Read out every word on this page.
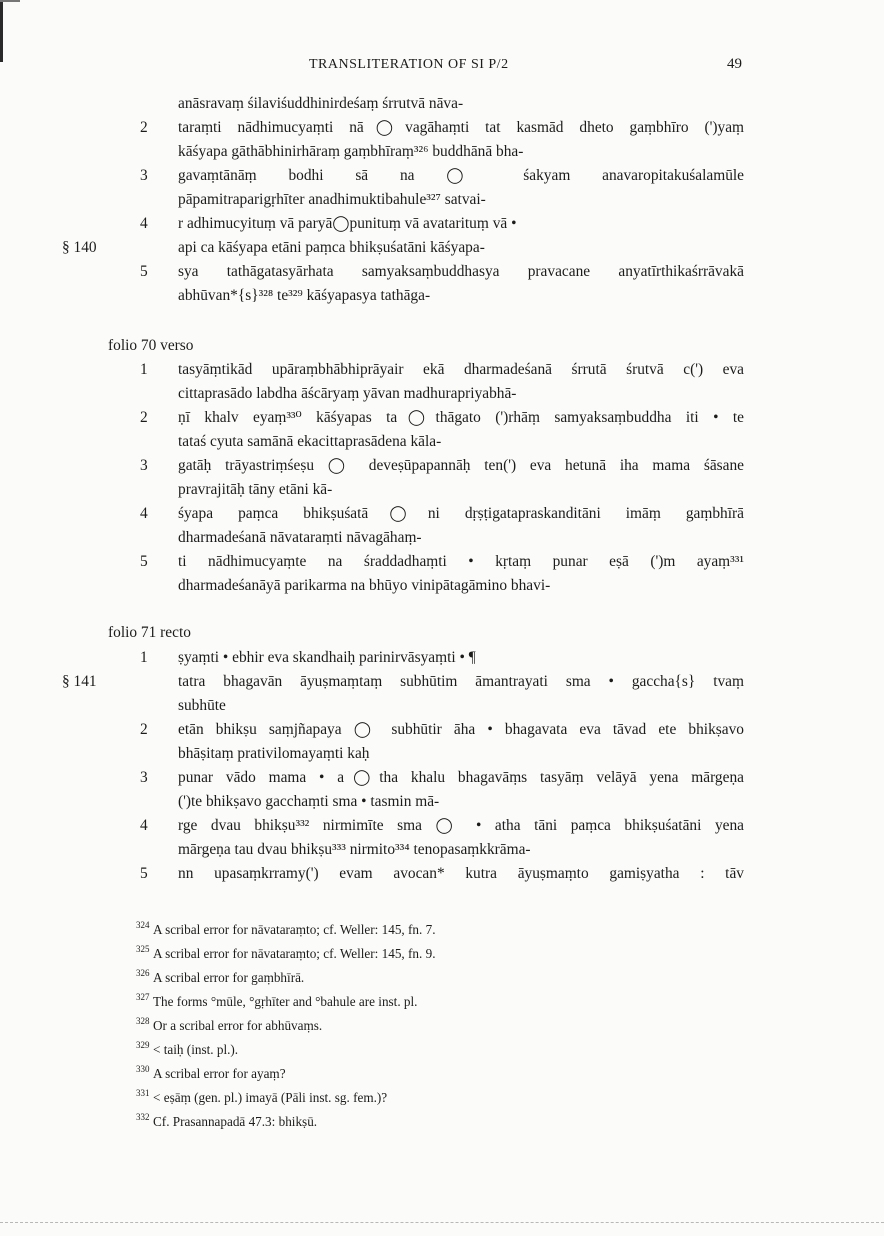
TRANSLITERATION OF SI P/2	49
anāsravaṃ śilaviśuddhinirdeśaṃ śrrutvā nāva-
2 taraṃti nādhimucyaṃti nā◯vagāhaṃti tat kasmād dheto gaṃbhīro (')yaṃ
kāśyapa gāthābhinirhāraṃ gaṃbhīraṃ³²⁶ buddhānā bha-
3 gavaṃtānāṃ bodhi sā na ◯ śakyam anavaropitakuśalamūle
pāpamitraparigṛhīter anadhimuktibahule³²⁷ satvai-
4 r adhimucyituṃ vā paryā◯punituṃ vā avatarituṃ vā •
§ 140	api ca kāśyapa etāni paṃca bhikṣuśatāni kāśyapa-
5 sya tathāgatasyārhata samyaksaṃbuddhasya pravacane anyatīrthikaśrrāvakā
abhūvan*{s}³²⁸ te³²⁹ kāśyapasya tathāga-
folio 70 verso
1 tasyāṃtikād upāraṃbhābhiprāyair ekā dharmadeśanā śrrutā śrutvā c(') eva
cittaprasādo labdha āścāryaṃ yāvan madhurapriyabhā-
2 ṇī khalv eyaṃ³³⁰ kāśyapas ta◯thāgato (')rhāṃ samyaksaṃbuddha iti • te
tataś cyuta samānā ekacittaprasādena kāla-
3 gatāḥ trāyastriṃśeṣu ◯ deveṣūpapannāḥ ten(') eva hetunā iha mama śāsane
pravrajitāḥ tāny etāni kā-
4 śyapa paṃca bhikṣuśatā◯ni dṛṣṭigatapraskanditāni imāṃ gaṃbhīrā
dharmadeśanā nāvataraṃti nāvagāhaṃ-
5 ti nādhimucyaṃte na śraddadhaṃti • kṛtaṃ punar eṣā (')m ayaṃ³³¹
dharmadeśanāyā parikarma na bhūyo vinipātagāmino bhavi-
folio 71 recto
1 ṣyaṃti • ebhir eva skandhaiḥ parinirvāsyaṃti • ¶
§ 141	tatra bhagavān āyuṣmaṃtaṃ subhūtim āmantrayati sma • gaccha{s} tvaṃ
subhūte
2 etān bhikṣu saṃjñapaya ◯ subhūtir āha • bhagavata eva tāvad ete bhikṣavo
bhāṣitaṃ prativilomayaṃti kaḥ
3 punar vādo mama • a◯tha khalu bhagavāṃs tasyāṃ velāyā yena mārgeṇa
(')te bhikṣavo gacchaṃti sma • tasmin mā-
4 rge dvau bhikṣu³³² nirmimīte sma ◯ • atha tāni paṃca bhikṣuśatāni yena
mārgeṇa tau dvau bhikṣu³³³ nirmito³³⁴ tenopasaṃkkrāma-
5 nn upasaṃkrramy(') evam avocan* kutra āyuṣmaṃto gamiṣyatha : tāv
324 A scribal error for nāvataraṃto; cf. Weller: 145, fn. 7.
325 A scribal error for nāvataraṃto; cf. Weller: 145, fn. 9.
326 A scribal error for gaṃbhīrā.
327 The forms °mūle, °gṛhīter and °bahule are inst. pl.
328 Or a scribal error for abhūvaṃs.
329 < taiḥ (inst. pl.).
330 A scribal error for ayaṃ?
331 < eṣāṃ (gen. pl.) imayā (Pāli inst. sg. fem.)?
332 Cf. Prasannapadā 47.3: bhikṣū.
